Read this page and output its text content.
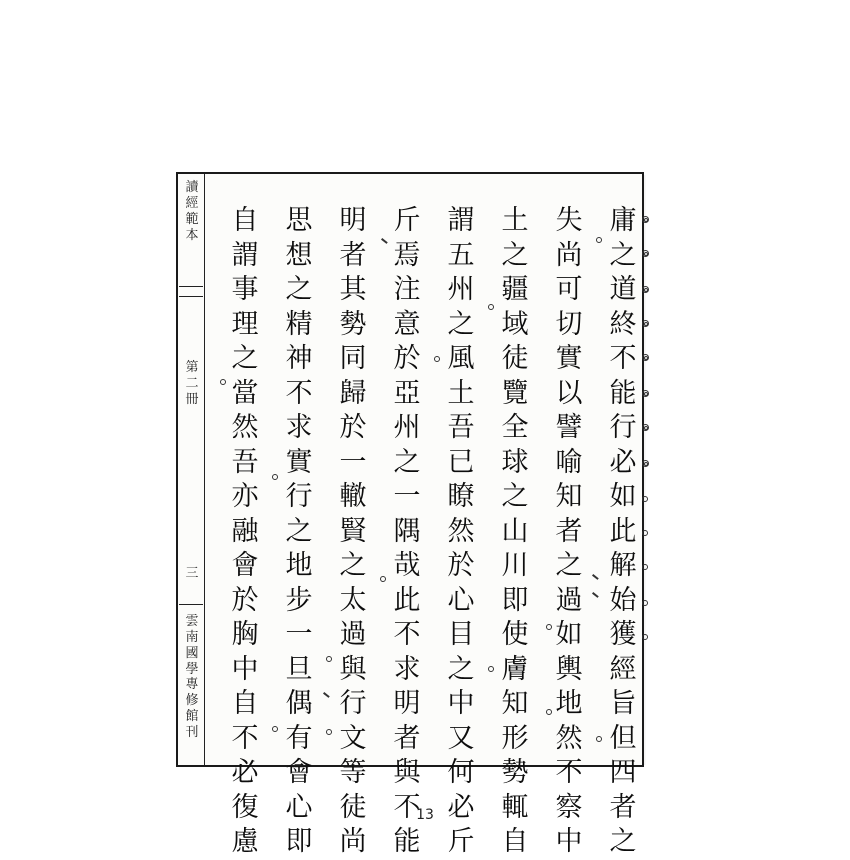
讀
經
範
本
第
二
冊
三
雲
南
國
學
專
修
館
刊
庸
之
道
終
不
能
行
必
如
此
解
始
獲
經
旨
但
四
者
之
失
尚
可
切
實
以
譬
喻
知
者
之
過
如
輿
地
然
不
察
中
土
之
疆
域
徒
覽
全
球
之
山
川
即
使
膚
知
形
勢
輒
自
謂
五
州
之
風
土
吾
已
瞭
然
於
心
目
之
中
又
何
必
斤
斤
焉
注
意
於
亞
州
之
一
隅
哉
此
不
求
明
者
與
不
能
明
者
其
勢
同
歸
於
一
轍
賢
之
太
過
與
行
文
等
徒
尚
思
想
之
精
神
不
求
實
行
之
地
步
一
旦
偶
有
會
心
即
自
謂
事
理
之
當
然
吾
亦
融
會
於
胸
中
自
不
必
復
慮
13
